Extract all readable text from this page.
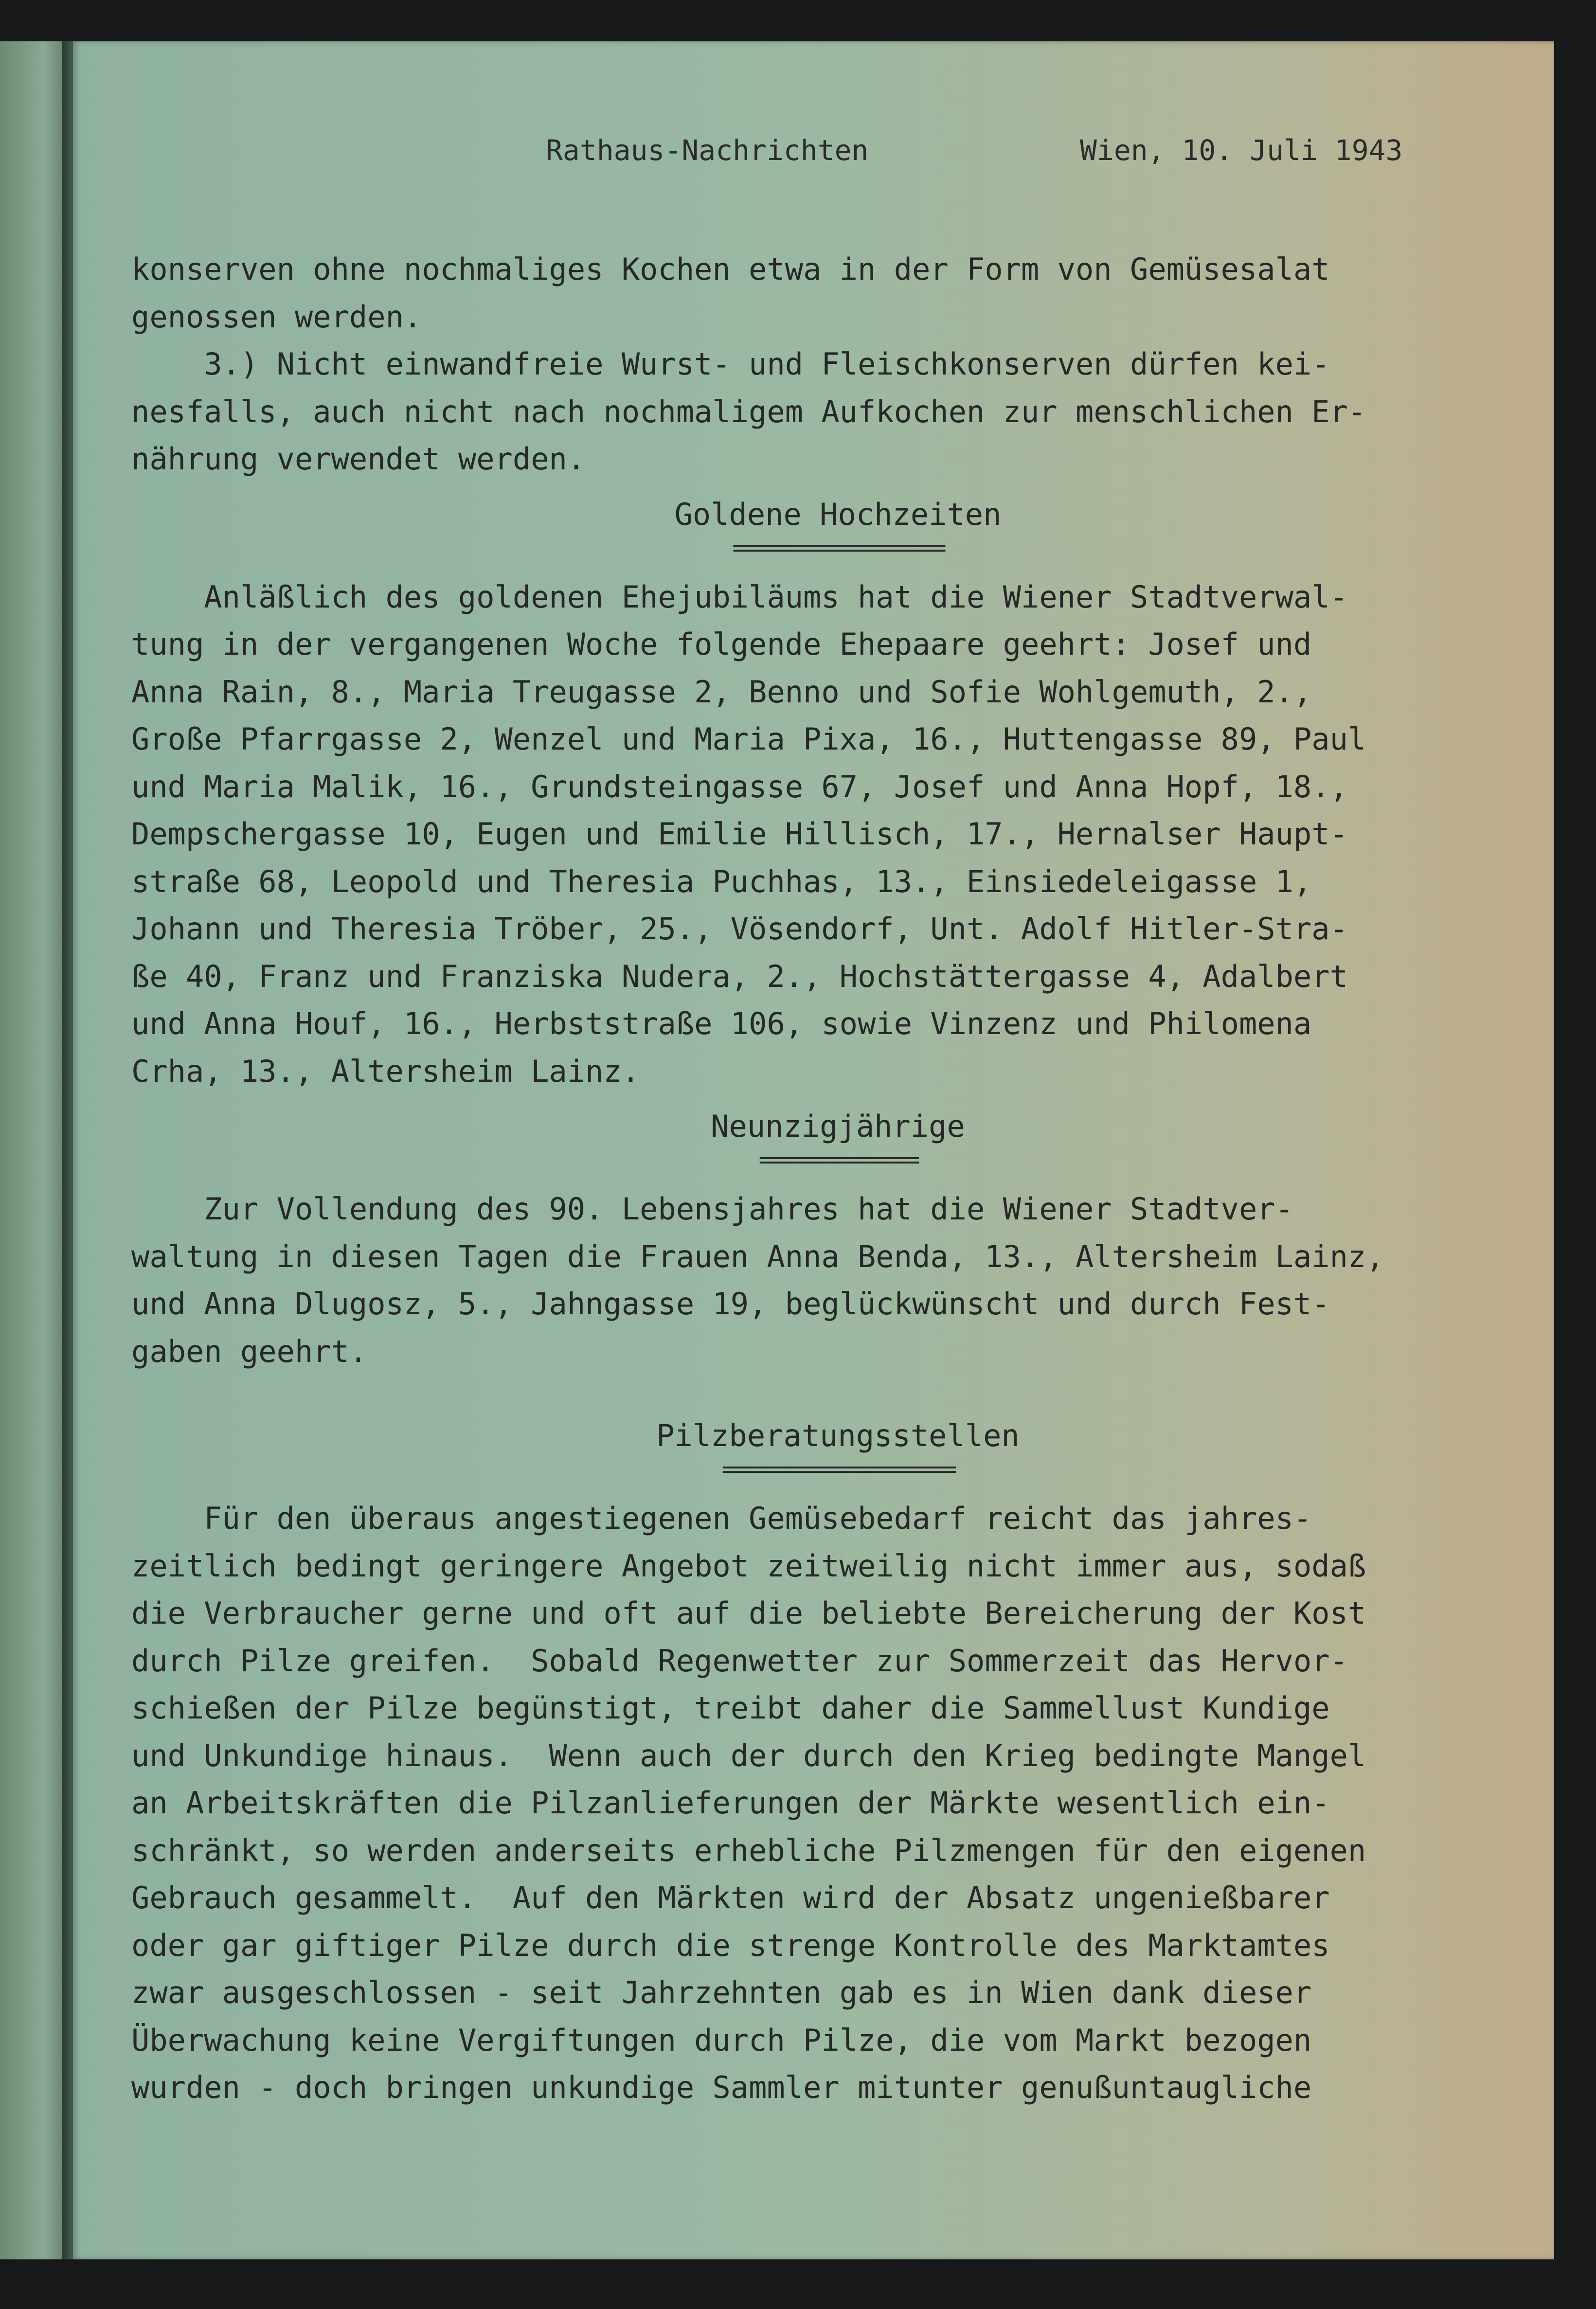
Rathaus-Nachrichten	Wien, 10. Juli 1943
konserven ohne nochmaliges Kochen etwa in der Form von Gemüsesalat
genossen werden.
3.) Nicht einwandfreie Wurst- und Fleischkonserven dürfen kei-
nesfalls, auch nicht nach nochmaligem Aufkochen zur menschlichen Er-
nährung verwendet werden.
Goldene Hochzeiten
====================
Anläßlich des goldenen Ehejubiläums hat die Wiener Stadtverwal-
tung in der vergangenen Woche folgende Ehepaare geehrt: Josef und
Anna Rain, 8., Maria Treugasse 2, Benno und Sofie Wohlgemuth, 2.,
Große Pfarrgasse 2, Wenzel und Maria Pixa, 16., Huttengasse 89, Paul
und Maria Malik, 16., Grundsteingasse 67, Josef und Anna Hopf, 18.,
Dempschergasse 10, Eugen und Emilie Hillisch, 17., Hernalser Haupt-
straße 68, Leopold und Theresia Puchhas, 13., Einsiedeleigasse 1,
Johann und Theresia Tröber, 25., Vösendorf, Unt. Adolf Hitler-Stra-
ße 40, Franz und Franziska Nudera, 2., Hochstättergasse 4, Adalbert
und Anna Houf, 16., Herbststraße 106, sowie Vinzenz und Philomena
Crha, 13., Altersheim Lainz.
Neunzigjährige
===============
Zur Vollendung des 90. Lebensjahres hat die Wiener Stadtver-
waltung in diesen Tagen die Frauen Anna Benda, 13., Altersheim Lainz,
und Anna Dlugosz, 5., Jahngasse 19, beglückwünscht und durch Fest-
gaben geehrt.
Pilzberatungsstellen
======================
Für den überaus angestiegenen Gemüsebedarf reicht das jahres-
zeitlich bedingt geringere Angebot zeitweilig nicht immer aus, sodaß
die Verbraucher gerne und oft auf die beliebte Bereicherung der Kost
durch Pilze greifen.  Sobald Regenwetter zur Sommerzeit das Hervor-
schießen der Pilze begünstigt, treibt daher die Sammellust Kundige
und Unkundige hinaus.  Wenn auch der durch den Krieg bedingte Mangel
an Arbeitskräften die Pilzanlieferungen der Märkte wesentlich ein-
schränkt, so werden anderseits erhebliche Pilzmengen für den eigenen
Gebrauch gesammelt.  Auf den Märkten wird der Absatz ungenießbarer
oder gar giftiger Pilze durch die strenge Kontrolle des Marktamtes
zwar ausgeschlossen - seit Jahrzehnten gab es in Wien dank dieser
Überwachung keine Vergiftungen durch Pilze, die vom Markt bezogen
wurden - doch bringen unkundige Sammler mitunter genußuntaugliche
